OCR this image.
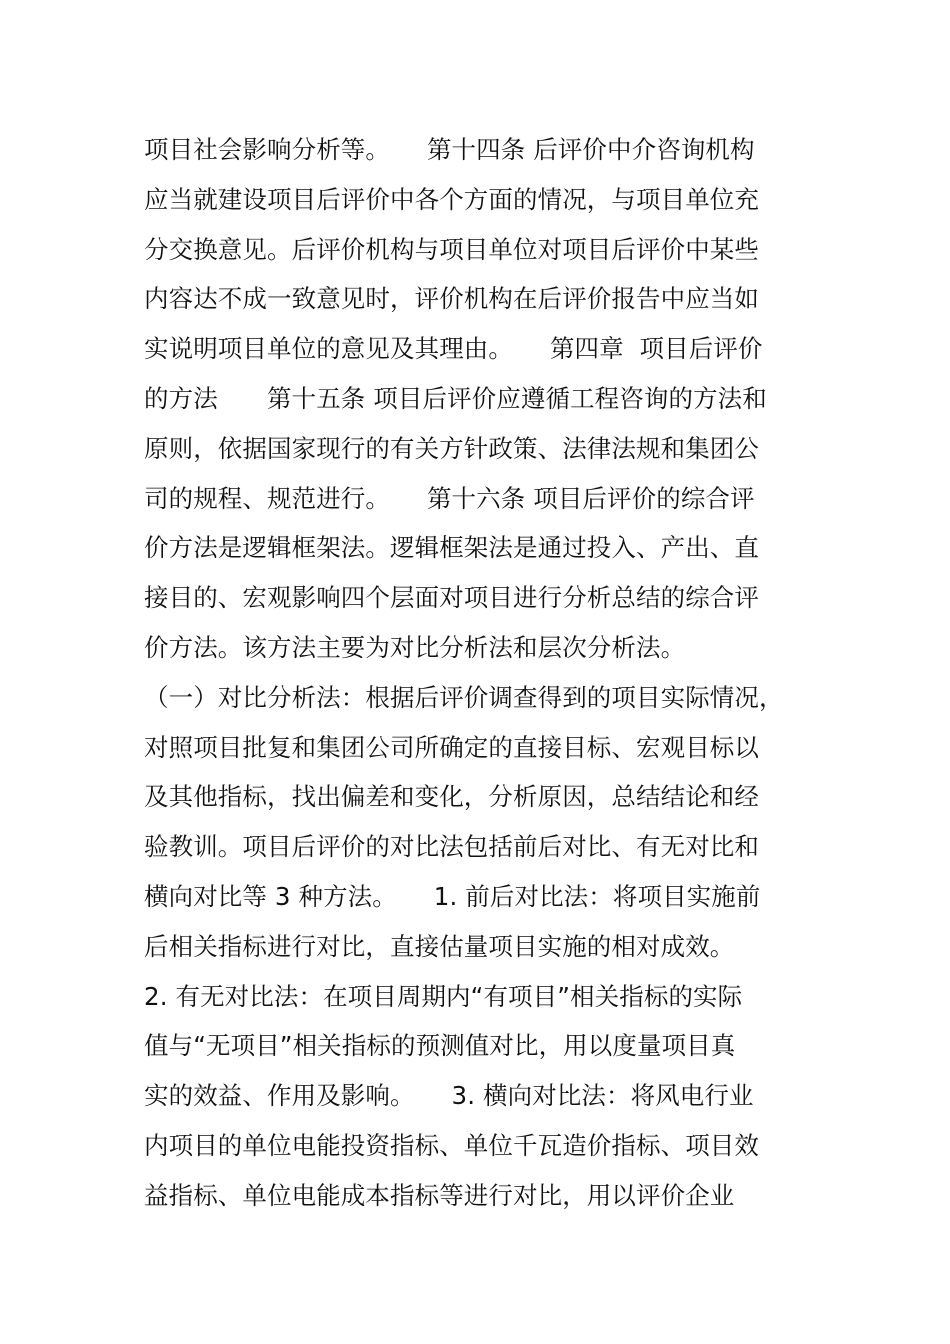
项目社会影响分析等。　　第十四条 后评价中介咨询机构
应当就建设项目后评价中各个方面的情况，与项目单位充
分交换意见。后评价机构与项目单位对项目后评价中某些
内容达不成一致意见时，评价机构在后评价报告中应当如
实说明项目单位的意见及其理由。　　第四章  项目后评价
的方法　　第十五条 项目后评价应遵循工程咨询的方法和
原则，依据国家现行的有关方针政策、法律法规和集团公
司的规程、规范进行。　　第十六条 项目后评价的综合评
价方法是逻辑框架法。逻辑框架法是通过投入、产出、直
接目的、宏观影响四个层面对项目进行分析总结的综合评
价方法。该方法主要为对比分析法和层次分析法。
（一）对比分析法：根据后评价调查得到的项目实际情况，
对照项目批复和集团公司所确定的直接目标、宏观目标以
及其他指标，找出偏差和变化，分析原因，总结结论和经
验教训。项目后评价的对比法包括前后对比、有无对比和
横向对比等 3 种方法。　　1. 前后对比法：将项目实施前
后相关指标进行对比，直接估量项目实施的相对成效。
2. 有无对比法：在项目周期内“有项目”相关指标的实际
值与“无项目”相关指标的预测值对比，用以度量项目真
实的效益、作用及影响。　　3. 横向对比法：将风电行业
内项目的单位电能投资指标、单位千瓦造价指标、项目效
益指标、单位电能成本指标等进行对比，用以评价企业
